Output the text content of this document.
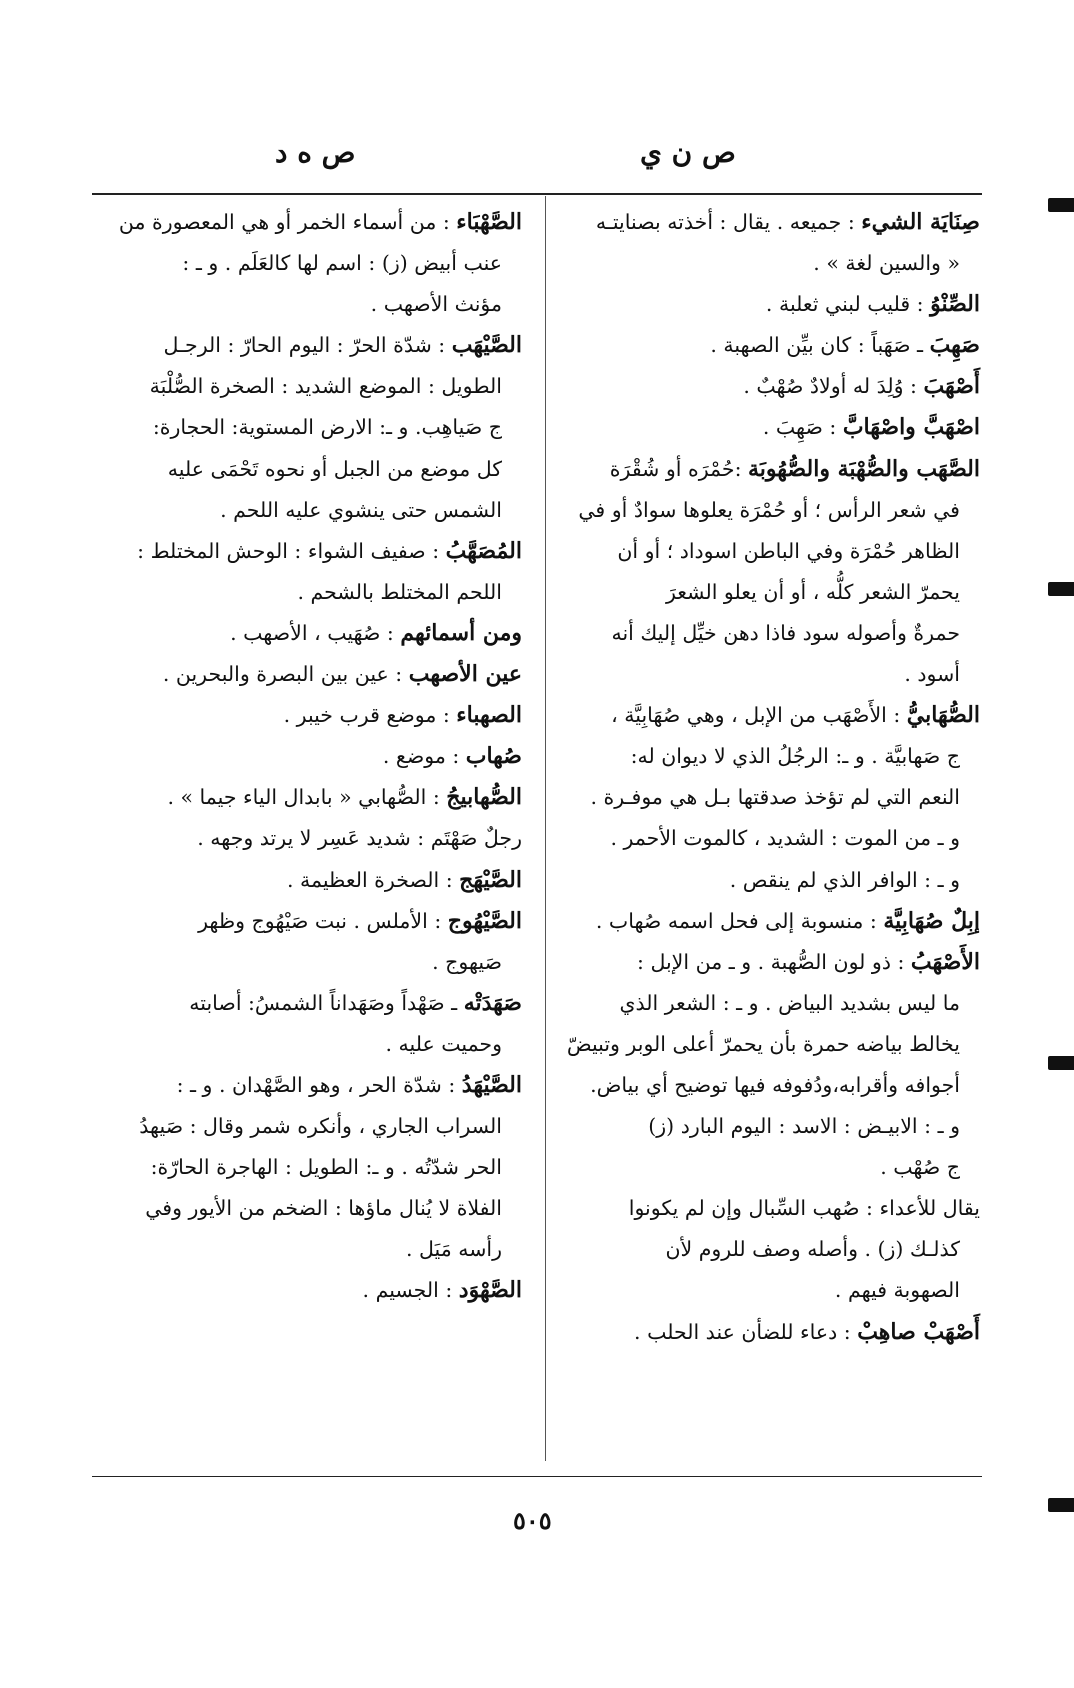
ص ن ي
ص ه د
صِنَايَة الشيء : جميعه . يقال : أخذته بصنايتـه
« والسين لغة » .
الصِّنْوُ : قليب لبني ثعلبة .
صَهِبَ ـ صَهَباً : كان بيِّن الصهبة .
أَصْهَبَ : وُلِدَ له أولادٌ صُهْبٌ .
اصْهَبَّ واصْهَابَّ : صَهِبَ .
الصَّهَب والصُّهْبَة والصُّهُوبَة :حُمْرَه أو شُقْرَة
في شعر الرأس ؛ أو حُمْرَة يعلوها سوادٌ أو في
الظاهر حُمْرَة وفي الباطن اسوداد ؛ أو أن
يحمرّ الشعر كلُّه ، أو أن يعلو الشعرَ
حمرةٌ وأصوله سود فاذا دهن خيِّل إليك أنه
أسود .
الصُّهَابيُّ : الأَصْهَب من الإبل ، وهي صُهَابِيَّة ،
ج صَهابيَّة . و ـ: الرجُلُ الذي لا ديوان له:
النعم التي لم تؤخذ صدقتها بـل هي موفـرة .
و ـ من الموت : الشديد ، كالموت الأحمر .
و ـ : الوافر الذي لم ينقص .
إبِلٌ صُهَابِيَّة : منسوبة إلى فحل اسمه صُهاب .
الأَصْهَبُ : ذو لون الصُّهبة . و ـ من الإبل :
ما ليس بشديد البياض . و ـ : الشعر الذي
يخالط بياضه حمرة بأن يحمرّ أعلى الوبر وتبيضّ
أجوافه وأقرابه،ودُفوفه فيها توضيح أي بياض.
و ـ : الابيـض : الاسد : اليوم البارد (ز)
ج صُهْب .
يقال للأعداء : صُهب السِّبال وإن لم يكونوا
كذلـك (ز) . وأصله وصف للروم لأن
الصهوبة فيهم .
أَصْهَبْ صاهِبْ : دعاء للضأن عند الحلب .
الصَّهْبَاء : من أسماء الخمر أو هي المعصورة من
عنب أبيض (ز) : اسم لها كالعَلَم . و ـ :
مؤنث الأصهب .
الصَّيْهَب : شدّة الحرّ : اليوم الحارّ : الرجـل
الطويل : الموضع الشديد : الصخرة الصُّلْبَة
ج صَياهِب. و ـ: الارض المستوية: الحجارة:
كل موضع من الجبل أو نحوه تَحْمَى عليه
الشمس حتى ينشوي عليه اللحم .
المُصَهَّبُ : صفيف الشواء : الوحش المختلط :
اللحم المختلط بالشحم .
ومن أسمائهم : صُهَيب ، الأصهب .
عين الأصهب : عين بين البصرة والبحرين .
الصهباء : موضع قرب خيبر .
صُهاب : موضع .
الصُّهابيجُ : الصُّهابي « بابدال الياء جيما » .
رجلٌ صَهْتَم : شديد عَسِر لا يرتد وجهه .
الصَّيْهَج : الصخرة العظيمة .
الصَّيْهُوج : الأملس . نبت صَيْهُوج وظهر
صَيهوج .
صَهَدَتْه ـ صَهْداً وصَهَداناً الشمسُ: أصابته
وحميت عليه .
الصَّيْهَدُ : شدّة الحر ، وهو الصَّهْدان . و ـ :
السراب الجاري ، وأنكره شمر وقال : صَيهدُ
الحر شدّتُه . و ـ: الطويل : الهاجرة الحارّة:
الفلاة لا يُنال ماؤها : الضخم من الأيور وفي
رأسه مَيَل .
الصَّهْوَد : الجسيم .
٥٠٥
